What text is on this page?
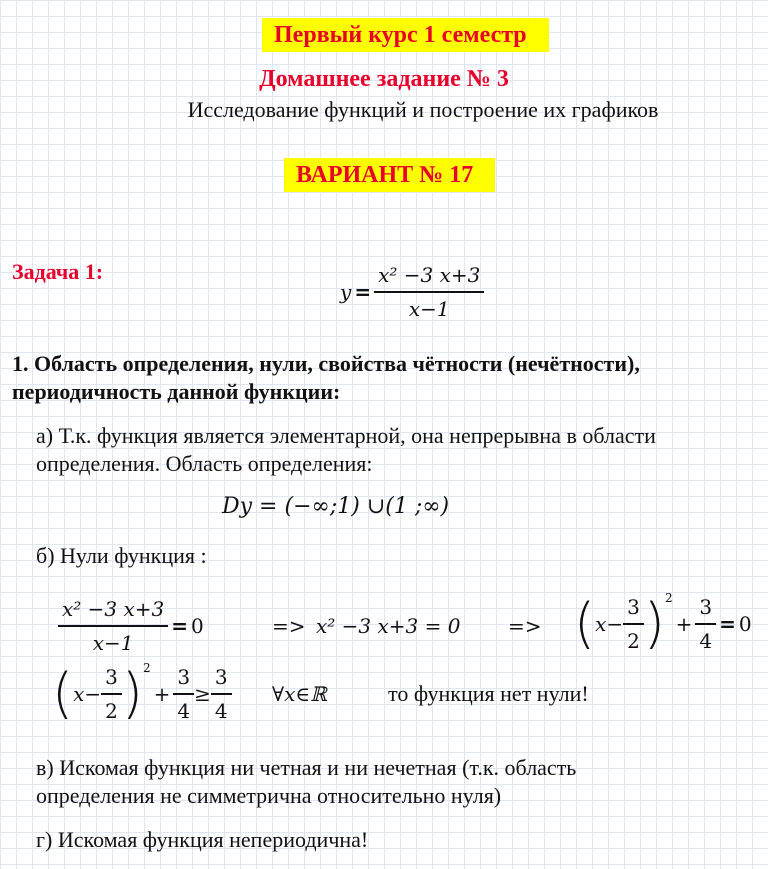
Первый курс 1 семестр
Домашнее задание № 3
Исследование функций и построение их графиков
ВАРИАНТ № 17
Задача 1:
$y = \frac{\text{x² −3 x+3}}{x-1}$
1. Область определения, нули, свойства чётности (нечётности),
периодичность данной функции:
а) Т.к. функция является элементарной, она непрерывна в области
определения. Область определения:
Dy = (−∞;1) ∪(1 ;∞)
б) Нули функция :
$\frac{\text{x² −3 x+3}}{x-1} = 0$	=> x² −3 x+3 = 0 => ( $x - \frac{3}{2}$ ) 2
+ $\frac{3}{4} = 0$
( $x - \frac{3}{2}$ ) 2
+ $\frac{3}{4} \ge \frac{3}{4}$ ∀x∈ℝ	то функция нет нули!
в) Искомая функция ни четная и ни нечетная (т.к. область
определения не симметрична относительно нуля)
г) Искомая функция непериодична!
